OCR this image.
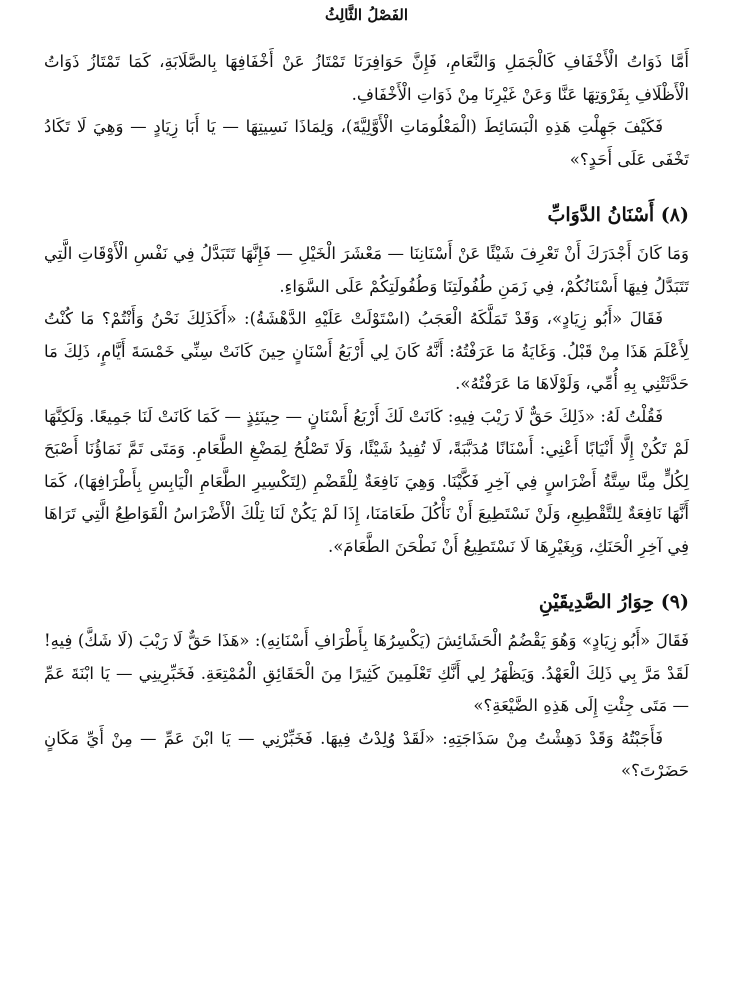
الفَصْلُ الثَّالِثُ

أَمَّا ذَوَاتُ الْأَخْفَافِ كَالْجَمَلِ وَالنَّعَامِ، فَإِنَّ حَوَافِرَنَا تَمْتَازُ عَنْ أَخْفَافِهَا بِالصَّلَابَةِ، كَمَا تَمْتَازُ ذَوَاتُ الْأَظْلَافِ بِفَرْوَتِهَا عَنَّا وَعَنْ غَيْرِنَا مِنْ ذَوَاتِ الْأَخْفَافِ.

فَكَيْفَ جَهِلْتِ هَذِهِ الْبَسَائِطَ (الْمَعْلُومَاتِ الْأَوَّلِيَّةَ)، وَلِمَاذَا نَسِيتِهَا — يَا أَبَا زِيَادٍ — وَهِيَ لَا تَكَادُ تَخْفَى عَلَى أَحَدٍ؟»

(٨) أَسْنَانُ الدَّوَابِّ

وَمَا كَانَ أَجْدَرَكَ أَنْ تَعْرِفَ شَيْئًا عَنْ أَسْنَانِنَا — مَعْشَرَ الْخَيْلِ — فَإِنَّهَا تَتَبَدَّلُ فِي نَفْسِ الْأَوْقَاتِ الَّتِي تَتَبَدَّلُ فِيهَا أَسْنَانُكُمْ، فِي زَمَنِ طُفُولَتِنَا وَطُفُولَتِكُمْ عَلَى السَّوَاءِ.

فَقَالَ «أَبُو زِيَادٍ»، وَقَدْ تَمَلَّكَهُ الْعَجَبُ (اسْتَوْلَتْ عَلَيْهِ الدَّهْشَةُ): «أَكَذَلِكَ نَحْنُ وَأَنْتُمْ؟ مَا كُنْتُ لِأَعْلَمَ هَذَا مِنْ قَبْلُ. وَغَايَةُ مَا عَرَفْتُهُ: أَنَّهُ كَانَ لِي أَرْبَعُ أَسْنَانٍ حِينَ كَانَتْ سِنِّي خَمْسَةَ أَيَّامٍ، ذَلِكَ مَا حَدَّثَتْنِي بِهِ أُمِّي، وَلَوْلَاهَا مَا عَرَفْتُهُ».

فَقُلْتُ لَهُ: «ذَلِكَ حَقٌّ لَا رَيْبَ فِيهِ: كَانَتْ لَكَ أَرْبَعُ أَسْنَانٍ — حِينَئِذٍ — كَمَا كَانَتْ لَنَا جَمِيعًا. وَلَكِنَّهَا لَمْ تَكُنْ إِلَّا أَنْيَابًا أَعْنِي: أَسْنَانًا مُدَبَّبَةً، لَا تُفِيدُ شَيْئًا، وَلَا تَصْلُحُ لِمَضْغِ الطَّعَامِ. وَمَتَى تَمَّ نَمَاؤُنَا أَصْبَحَ لِكُلٍّ مِنَّا سِتَّةُ أَضْرَاسٍ فِي آخِرِ فَكَّيْنَا. وَهِيَ نَافِعَةٌ لِلْقَضْمِ (لِتَكْسِيرِ الطَّعَامِ الْيَابِسِ بِأَطْرَافِهَا)، كَمَا أَنَّهَا نَافِعَةٌ لِلتَّقْطِيعِ، وَلَنْ نَسْتَطِيعَ أَنْ نَأْكُلَ طَعَامَنَا، إِذَا لَمْ يَكُنْ لَنَا تِلْكَ الْأَضْرَاسُ الْقَوَاطِعُ الَّتِي تَرَاهَا فِي آخِرِ الْحَنَكِ، وَبِغَيْرِهَا لَا نَسْتَطِيعُ أَنْ نَطْحَنَ الطَّعَامَ».

(٩) حِوَارُ الصَّدِيقَيْنِ

فَقَالَ «أَبُو زِيَادٍ» وَهُوَ يَقْضُمُ الْحَشَائِشَ (يَكْسِرُهَا بِأَطْرَافِ أَسْنَانِهِ): «هَذَا حَقٌّ لَا رَيْبَ (لَا شَكَّ) فِيهِ! لَقَدْ مَرَّ بِي ذَلِكَ الْعَهْدُ. وَيَظْهَرُ لِي أَنَّكِ تَعْلَمِينَ كَثِيرًا مِنَ الْحَقَائِقِ الْمُمْتِعَةِ. فَخَبِّرِينِي — يَا ابْنَةَ عَمِّ — مَتَى جِئْتِ إِلَى هَذِهِ الضَّيْعَةِ؟»

فَأَجَبْتُهُ وَقَدْ دَهِشْتُ مِنْ سَذَاجَتِهِ: «لَقَدْ وُلِدْتُ فِيهَا. فَخَبِّرْنِي — يَا ابْنَ عَمِّ — مِنْ أَيِّ مَكَانٍ حَضَرْتَ؟»
